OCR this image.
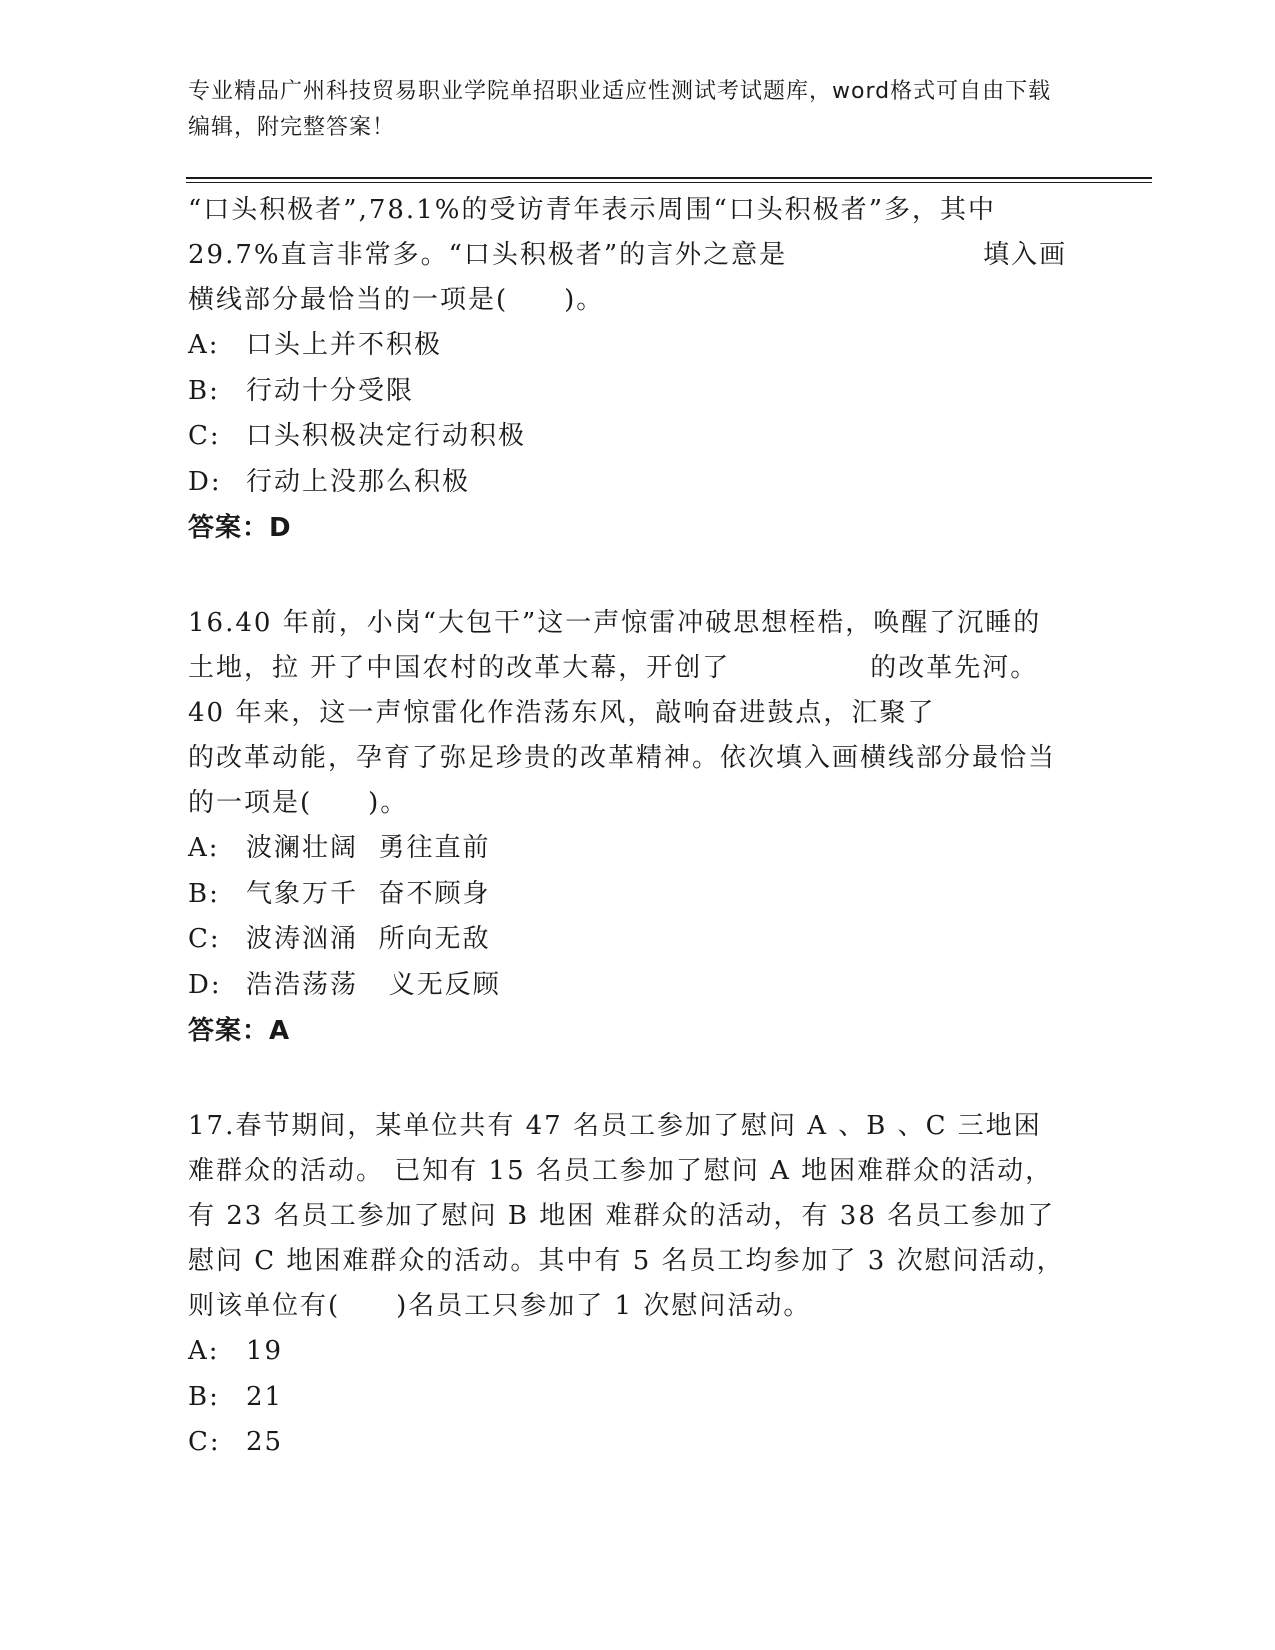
专业精品广州科技贸易职业学院单招职业适应性测试考试题库，word格式可自由下载编辑，附完整答案！

“口头积极者”,78.1%的受访青年表示周围“口头积极者”多，其中29.7%直言非常多。“口头积极者”的言外之意是　　　　　　　填入画横线部分最恰当的一项是(　　)。

A: 口头上并不积极

B: 行动十分受限

C: 口头积极决定行动积极

D: 行动上没那么积极

答案：D

16.40 年前，小岗“大包干”这一声惊雷冲破思想桎梏，唤醒了沉睡的土地，拉 开了中国农村的改革大幕，开创了　　　　　的改革先河。40 年来，这一声惊雷化作浩荡东风，敲响奋进鼓点，汇聚了　　　　　的改革动能，孕育了弥足珍贵的改革精神。依次填入画横线部分最恰当的一项是(　　)。

A: 波澜壮阔  勇往直前

B: 气象万千  奋不顾身

C: 波涛汹涌  所向无敌

D: 浩浩荡荡   义无反顾

答案：A

17.春节期间，某单位共有 47 名员工参加了慰问 A 、B 、C 三地困难群众的活动。 已知有 15 名员工参加了慰问 A 地困难群众的活动，有 23 名员工参加了慰问 B 地困 难群众的活动，有 38 名员工参加了慰问 C 地困难群众的活动。其中有 5 名员工均参加了 3 次慰问活动，则该单位有(　　)名员工只参加了 1 次慰问活动。

A: 19

B: 21

C: 25
